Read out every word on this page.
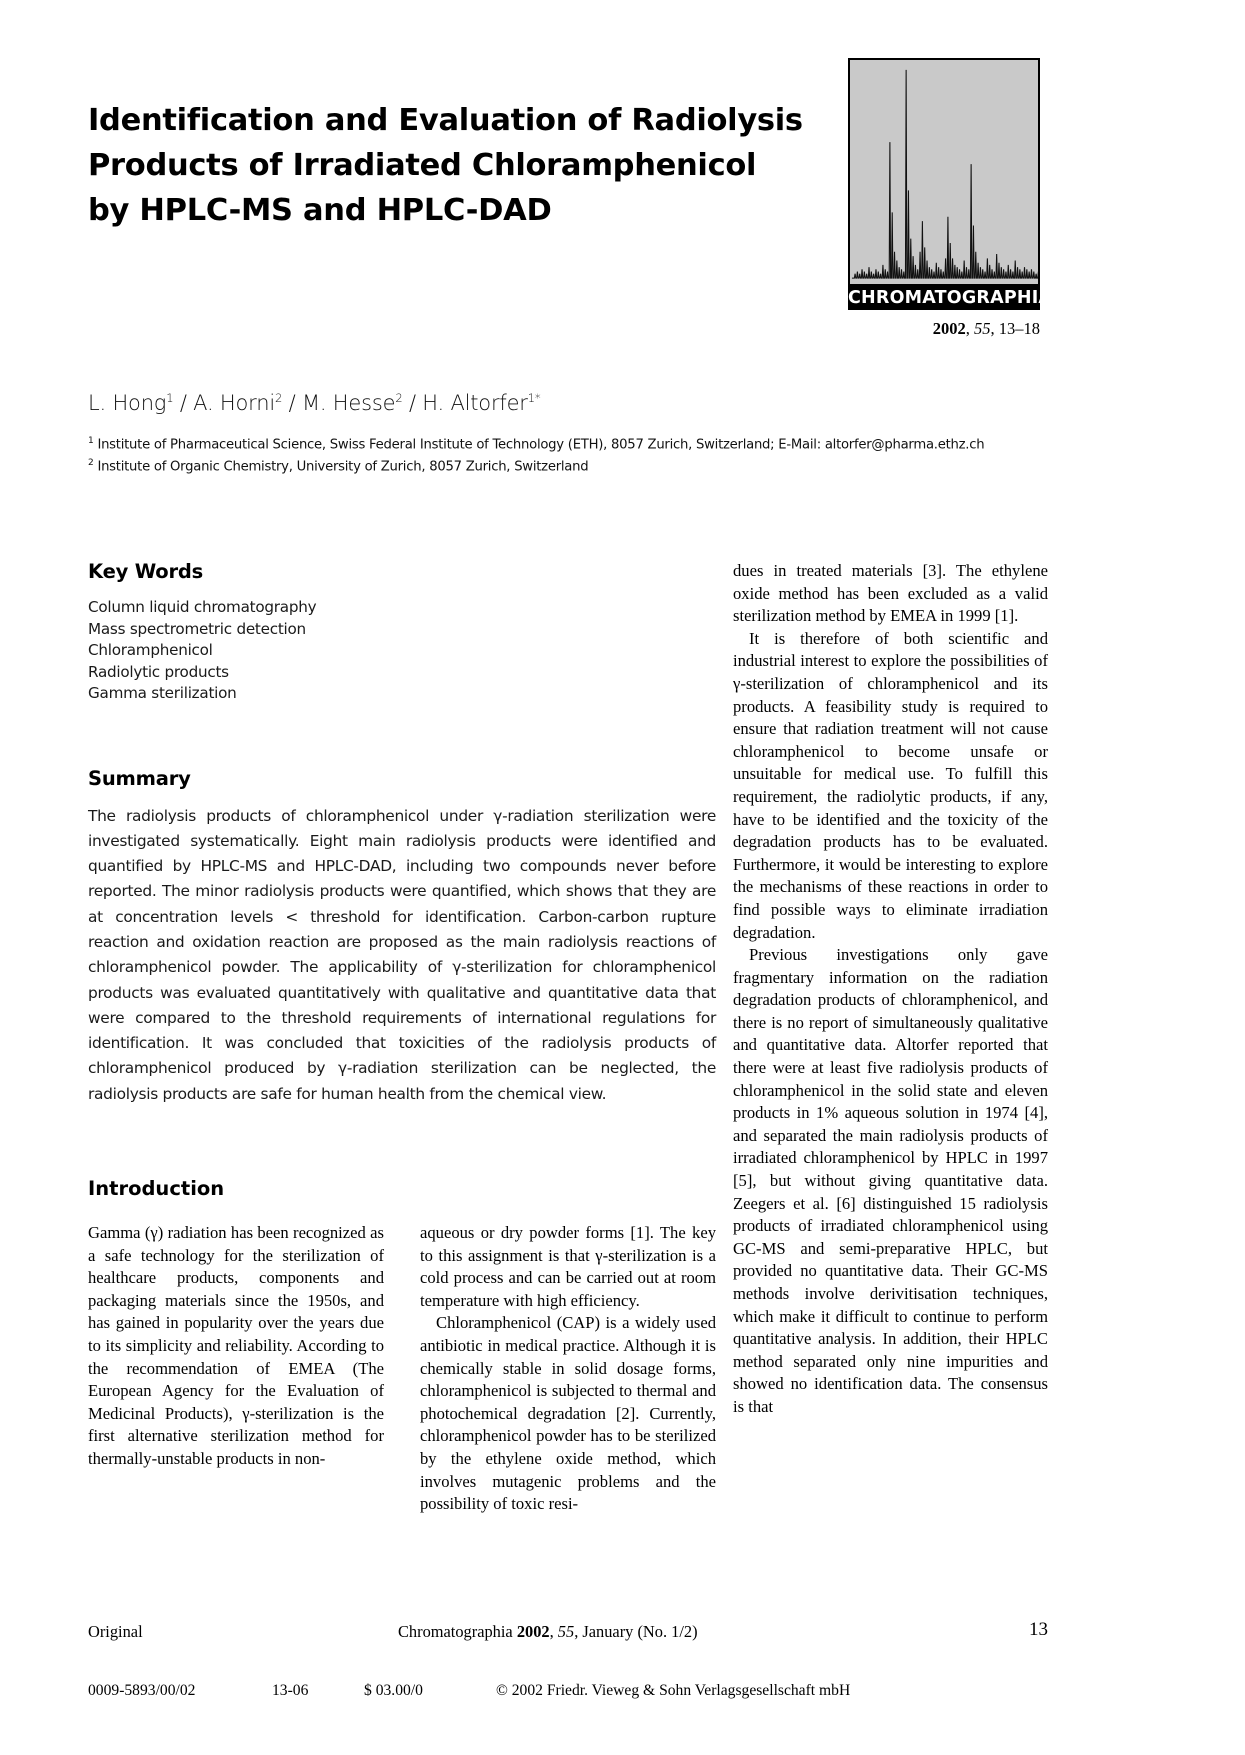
Identification and Evaluation of Radiolysis
Products of Irradiated Chloramphenicol
by HPLC-MS and HPLC-DAD
CHROMATOGRAPHIA
2002, 55, 13–18
L. Hong$^1$ / A. Horni$^2$ / M. Hesse$^2$ / H. Altorfer$^{1*}$
$^1$ Institute of Pharmaceutical Science, Swiss Federal Institute of Technology (ETH), 8057 Zurich, Switzerland; E-Mail: altorfer@pharma.ethz.ch
$^2$ Institute of Organic Chemistry, University of Zurich, 8057 Zurich, Switzerland
Key Words
Column liquid chromatography
Mass spectrometric detection
Chloramphenicol
Radiolytic products
Gamma sterilization
Summary
The radiolysis products of chloramphenicol under γ-radiation sterilization were investigated systematically. Eight main radiolysis products were identified and quantified by HPLC-MS and HPLC-DAD, including two compounds never before reported. The minor radiolysis products were quantified, which shows that they are at concentration levels < threshold for identification. Carbon-carbon rupture reaction and oxidation reaction are proposed as the main radiolysis reactions of chloramphenicol powder. The applicability of γ-sterilization for chloramphenicol products was evaluated quantitatively with qualitative and quantitative data that were compared to the threshold requirements of international regulations for identification. It was concluded that toxicities of the radiolysis products of chloramphenicol produced by γ-radiation sterilization can be neglected, the radiolysis products are safe for human health from the chemical view.
Introduction

Gamma (γ) radiation has been recognized as a safe technology for the sterilization of healthcare products, components and packaging materials since the 1950s, and has gained in popularity over the years due to its simplicity and reliability. According to the recommendation of EMEA (The European Agency for the Evaluation of Medicinal Products), γ-sterilization is the first alternative sterilization method for thermally-unstable products in non-

aqueous or dry powder forms [1]. The key to this assignment is that γ-sterilization is a cold process and can be carried out at room temperature with high efficiency.

Chloramphenicol (CAP) is a widely used antibiotic in medical practice. Although it is chemically stable in solid dosage forms, chloramphenicol is subjected to thermal and photochemical degradation [2]. Currently, chloramphenicol powder has to be sterilized by the ethylene oxide method, which involves mutagenic problems and the possibility of toxic resi-

dues in treated materials [3]. The ethylene oxide method has been excluded as a valid sterilization method by EMEA in 1999 [1].

It is therefore of both scientific and industrial interest to explore the possibilities of γ-sterilization of chloramphenicol and its products. A feasibility study is required to ensure that radiation treatment will not cause chloramphenicol to become unsafe or unsuitable for medical use. To fulfill this requirement, the radiolytic products, if any, have to be identified and the toxicity of the degradation products has to be evaluated. Furthermore, it would be interesting to explore the mechanisms of these reactions in order to find possible ways to eliminate irradiation degradation.

Previous investigations only gave fragmentary information on the radiation degradation products of chloramphenicol, and there is no report of simultaneously qualitative and quantitative data. Altorfer reported that there were at least five radiolysis products of chloramphenicol in the solid state and eleven products in 1% aqueous solution in 1974 [4], and separated the main radiolysis products of irradiated chloramphenicol by HPLC in 1997 [5], but without giving quantitative data. Zeegers et al. [6] distinguished 15 radiolysis products of irradiated chloramphenicol using GC-MS and semi-preparative HPLC, but provided no quantitative data. Their GC-MS methods involve derivitisation techniques, which make it difficult to continue to perform quantitative analysis. In addition, their HPLC method separated only nine impurities and showed no identification data. The consensus is that

Original	Chromatographia 2002, 55, January (No. 1/2)	13
0009-5893/00/02	13-06	$ 03.00/0	© 2002 Friedr. Vieweg & Sohn Verlagsgesellschaft mbH
